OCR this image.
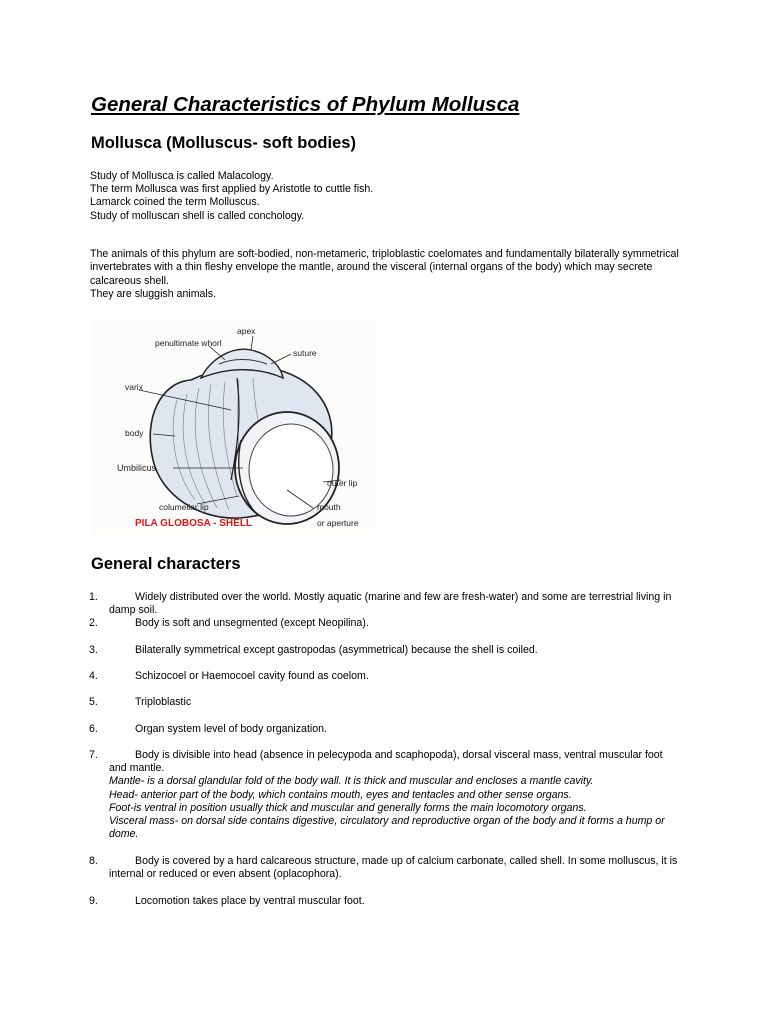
General Characteristics of Phylum Mollusca
Mollusca (Molluscus- soft bodies)
Study of Mollusca is called Malacology.
The term Mollusca was first applied by Aristotle to cuttle fish.
Lamarck coined the term Molluscus.
Study of molluscan shell is called conchology.
The animals of this phylum are soft-bodied, non-metameric, triploblastic coelomates and fundamentally bilaterally symmetrical invertebrates with a thin fleshy envelope the mantle, around the visceral (internal organs of the body) which may secrete calcareous shell.
They are sluggish animals.
apex
penultimate whorl
suture
varix
body
Umbilicus
outer lip
columellar lip	mouth
or aperture
PILA GLOBOSA - SHELL
General characters
1.	Widely distributed over the world. Mostly aquatic (marine and few are fresh-water) and some are terrestrial living in damp soil.
2.	Body is soft and unsegmented (except Neopilina).
3.	Bilaterally symmetrical except gastropodas (asymmetrical) because the shell is coiled.
4.	Schizocoel or Haemocoel cavity found as coelom.
5.	Triploblastic
6.	Organ system level of body organization.
7.	Body is divisible into head (absence in pelecypoda and scaphopoda), dorsal visceral mass, ventral muscular foot and mantle.
Mantle- is a dorsal glandular fold of the body wall. It is thick and muscular and encloses a mantle cavity.
Head- anterior part of the body, which contains mouth, eyes and tentacles and other sense organs.
Foot-is ventral in position usually thick and muscular and generally forms the main locomotory organs.
Visceral mass- on dorsal side contains digestive, circulatory and reproductive organ of the body and it forms a hump or dome.
8.	Body is covered by a hard calcareous structure, made up of calcium carbonate, called shell. In some molluscus, it is internal or reduced or even absent (oplacophora).
9.	Locomotion takes place by ventral muscular foot.
